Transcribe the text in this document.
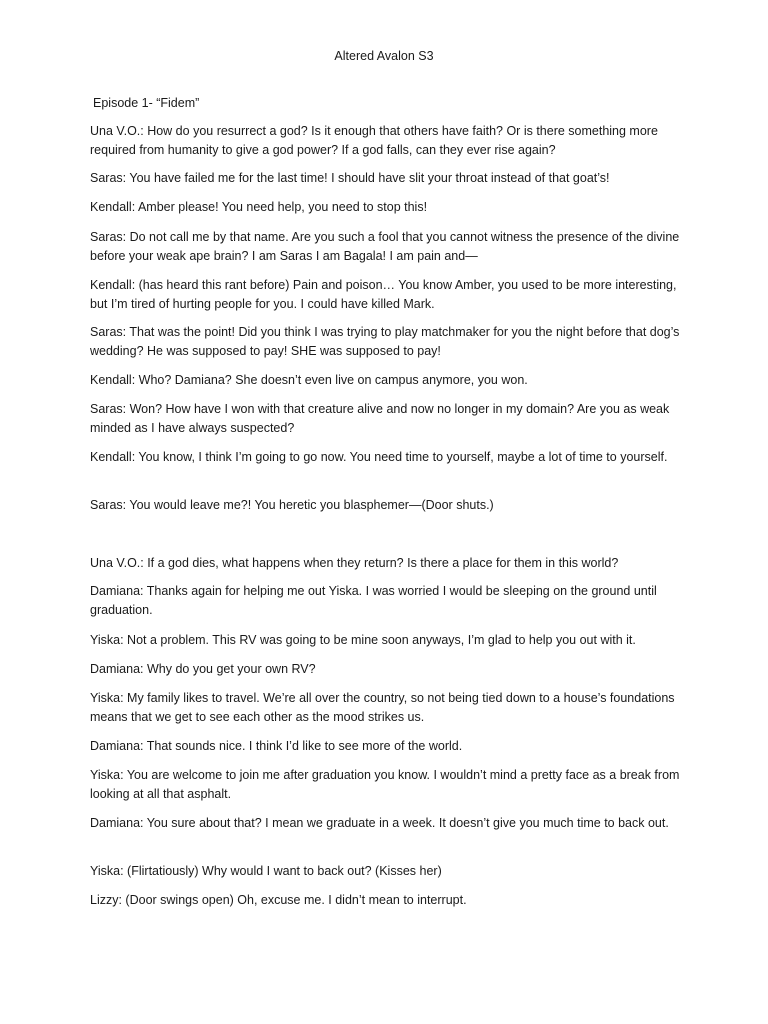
Altered Avalon S3
Episode 1- “Fidem”

Una V.O.: How do you resurrect a god? Is it enough that others have faith? Or is there something more required from humanity to give a god power? If a god falls, can they ever rise again?

Saras: You have failed me for the last time! I should have slit your throat instead of that goat’s!

Kendall: Amber please! You need help, you need to stop this!

Saras: Do not call me by that name. Are you such a fool that you cannot witness the presence of the divine before your weak ape brain? I am Saras I am Bagala! I am pain and—

Kendall: (has heard this rant before) Pain and poison… You know Amber, you used to be more interesting, but I’m tired of hurting people for you. I could have killed Mark.

Saras: That was the point! Did you think I was trying to play matchmaker for you the night before that dog’s wedding? He was supposed to pay! SHE was supposed to pay!

Kendall: Who? Damiana? She doesn’t even live on campus anymore, you won.

Saras: Won? How have I won with that creature alive and now no longer in my domain? Are you as weak minded as I have always suspected?

Kendall: You know, I think I’m going to go now. You need time to yourself, maybe a lot of time to yourself.

Saras: You would leave me?! You heretic you blasphemer—(Door shuts.)

Una V.O.: If a god dies, what happens when they return? Is there a place for them in this world?

Damiana: Thanks again for helping me out Yiska. I was worried I would be sleeping on the ground until graduation.

Yiska: Not a problem. This RV was going to be mine soon anyways, I’m glad to help you out with it.

Damiana: Why do you get your own RV?

Yiska: My family likes to travel. We’re all over the country, so not being tied down to a house’s foundations means that we get to see each other as the mood strikes us.

Damiana: That sounds nice. I think I’d like to see more of the world.

Yiska: You are welcome to join me after graduation you know. I wouldn’t mind a pretty face as a break from looking at all that asphalt.

Damiana: You sure about that? I mean we graduate in a week. It doesn’t give you much time to back out.

Yiska: (Flirtatiously) Why would I want to back out? (Kisses her)

Lizzy: (Door swings open) Oh, excuse me. I didn’t mean to interrupt.
